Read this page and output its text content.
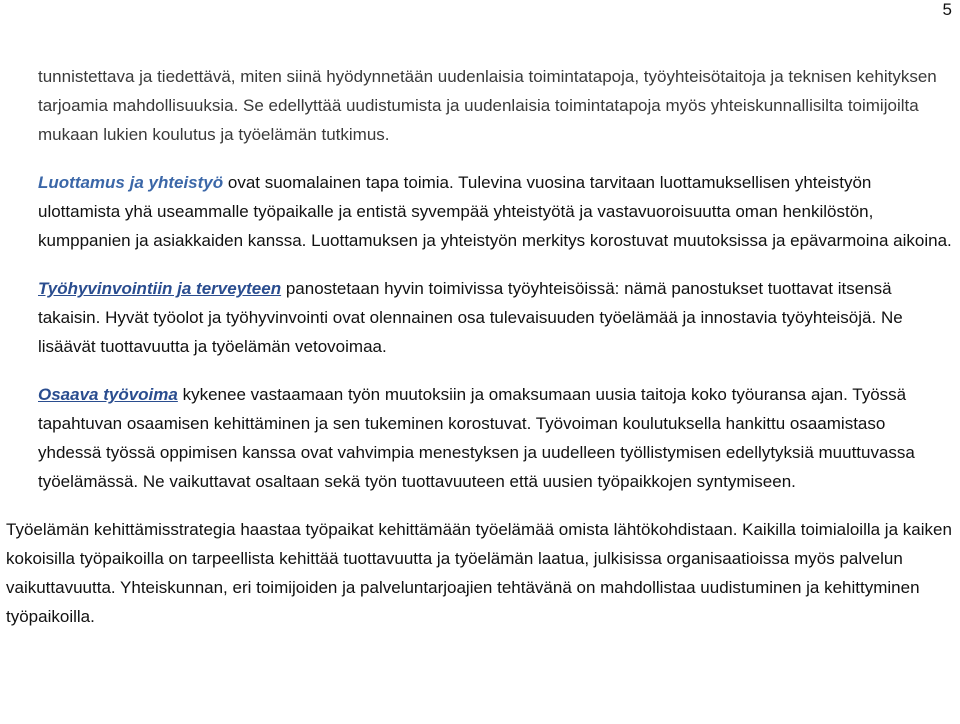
5

tunnistettava ja tiedettävä, miten siinä hyödynnetään uudenlaisia toimintatapoja, työyhteisötaitoja ja teknisen kehityksen tarjoamia mahdollisuuksia. Se edellyttää uudistumista ja uudenlaisia toimintatapoja myös yhteiskunnallisilta toimijoilta mukaan lukien koulutus ja työelämän tutkimus.

Luottamus ja yhteistyö ovat suomalainen tapa toimia. Tulevina vuosina tarvitaan luottamuksellisen yhteistyön ulottamista yhä useammalle työpaikalle ja entistä syvempää yhteistyötä ja vastavuoroisuutta oman henkilöstön, kumppanien ja asiakkaiden kanssa. Luottamuksen ja yhteistyön merkitys korostuvat muutoksissa ja epävarmoina aikoina.

Työhyvinvointiin ja terveyteen panostetaan hyvin toimivissa työyhteisöissä: nämä panostukset tuottavat itsensä takaisin. Hyvät työolot ja työhyvinvointi ovat olennainen osa tulevaisuuden työelämää ja innostavia työyhteisöjä. Ne lisäävät tuottavuutta ja työelämän vetovoimaa.

Osaava työvoima kykenee vastaamaan työn muutoksiin ja omaksumaan uusia taitoja koko työuransa ajan. Työssä tapahtuvan osaamisen kehittäminen ja sen tukeminen korostuvat. Työvoiman koulutuksella hankittu osaamistaso yhdessä työssä oppimisen kanssa ovat vahvimpia menestyksen ja uudelleen työllistymisen edellytyksiä muuttuvassa työelämässä. Ne vaikuttavat osaltaan sekä työn tuottavuuteen että uusien työpaikkojen syntymiseen.

Työelämän kehittämisstrategia haastaa työpaikat kehittämään työelämää omista lähtökohdistaan. Kaikilla toimialoilla ja kaiken kokoisilla työpaikoilla on tarpeellista kehittää tuottavuutta ja työelämän laatua, julkisissa organisaatioissa myös palvelun vaikuttavuutta. Yhteiskunnan, eri toimijoiden ja palveluntarjoajien tehtävänä on mahdollistaa uudistuminen ja kehittyminen työpaikoilla.
